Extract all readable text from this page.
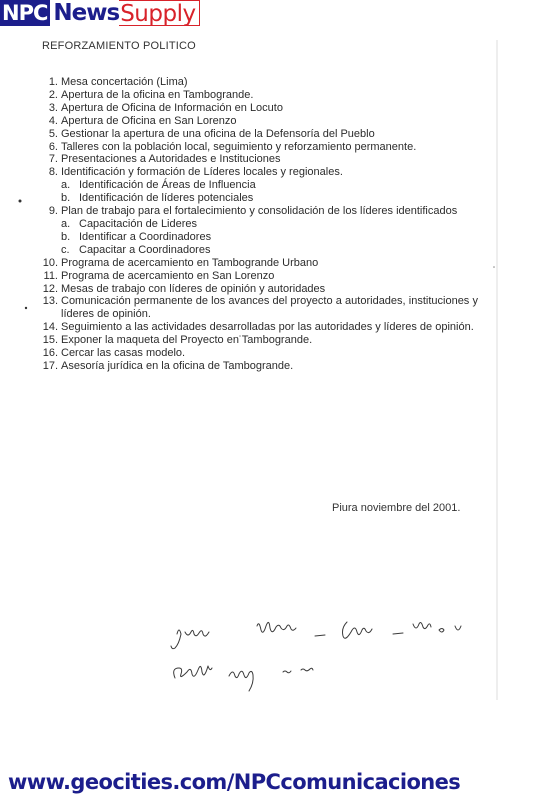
NPC News Supply
REFORZAMIENTO POLITICO
1. Mesa concertación (Lima)
2. Apertura de la oficina en Tambogrande.
3. Apertura de Oficina de Información en Locuto
4. Apertura de Oficina en San Lorenzo
5. Gestionar la apertura de una oficina de la Defensoría del Pueblo
6. Talleres con la población local, seguimiento y reforzamiento permanente.
7. Presentaciones a Autoridades e Instituciones
8. Identificación y formación de Líderes locales y regionales.
a. Identificación de Áreas de Influencia
b. Identificación de líderes potenciales
9. Plan de trabajo para el fortalecimiento y consolidación de los líderes identificados
a. Capacitación de Lideres
b. Identificar a Coordinadores
c. Capacitar a Coordinadores
10. Programa de acercamiento en Tambogrande Urbano
11. Programa de acercamiento en San Lorenzo
12. Mesas de trabajo con líderes de opinión y autoridades
13. Comunicación permanente de los avances del proyecto a autoridades, instituciones y líderes de opinión.
14. Seguimiento a las actividades desarrolladas por las autoridades y líderes de opinión.
15. Exponer la maqueta del Proyecto en Tambogrande.
16. Cercar las casas modelo.
17. Asesoría jurídica en la oficina de Tambogrande.
Piura noviembre del 2001.
www.geocities.com/NPCcomunicaciones
